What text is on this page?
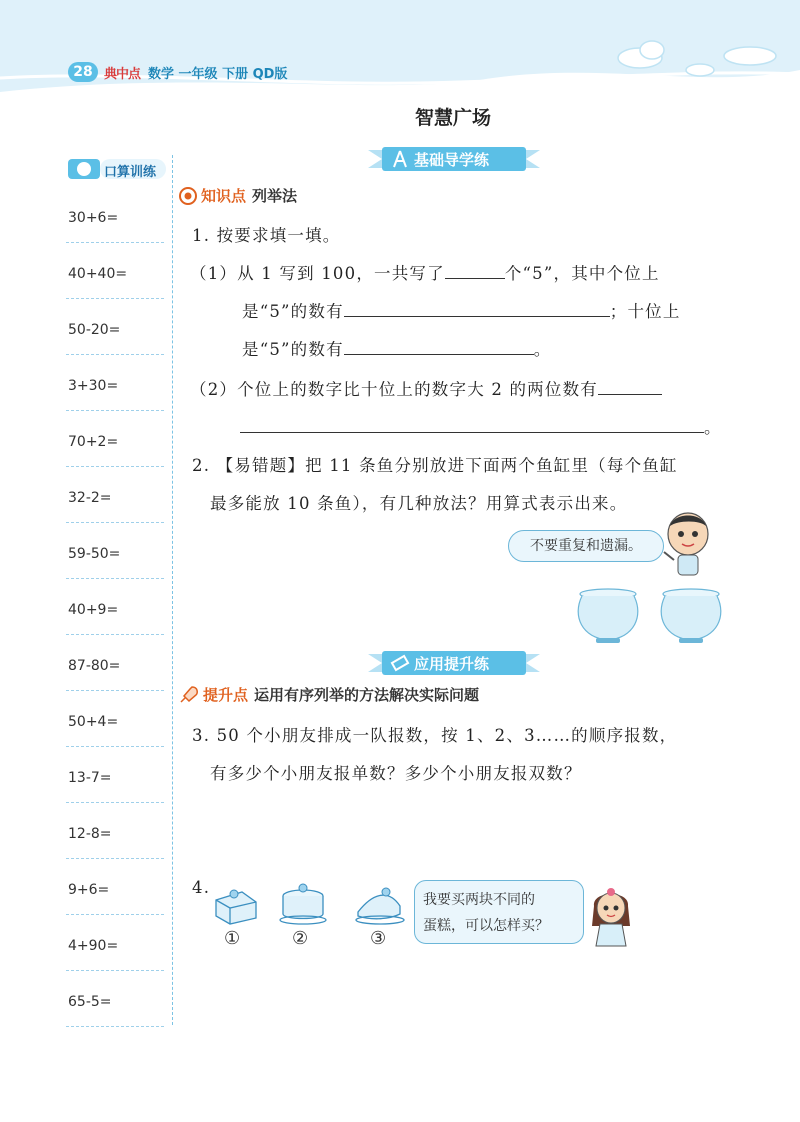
28 典中点 数学 一年级 下册 QD版
口算训练
30+6=
40+40=
50-20=
3+30=
70+2=
32-2=
59-50=
40+9=
87-80=
50+4=
13-7=
12-8=
9+6=
4+90=
65-5=
智慧广场
基础导学练
知识点 列举法
1. 按要求填一填。
（1）从 1 写到 100，一共写了	个“5”，其中个位上
是“5”的数有	；十位上
是“5”的数有	。
（2）个位上的数字比十位上的数字大 2 的两位数有
。
2. 【易错题】把 11 条鱼分别放进下面两个鱼缸里（每个鱼缸
最多能放 10 条鱼），有几种放法？用算式表示出来。
不要重复和遗漏。
应用提升练
提升点 运用有序列举的方法解决实际问题
3. 50 个小朋友排成一队报数，按 1、2、3……的顺序报数，
有多少个小朋友报单数？多少个小朋友报双数？
4.
①	②	③
我要买两块不同的
蛋糕，可以怎样买？
